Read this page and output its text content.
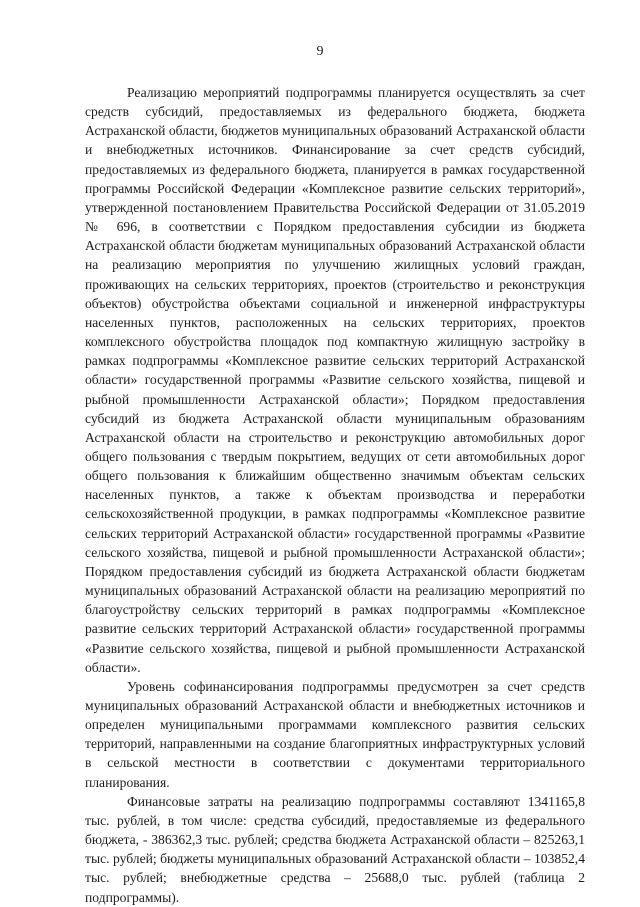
9

Реализацию мероприятий подпрограммы планируется осуществлять за счет средств субсидий, предоставляемых из федерального бюджета, бюджета Астраханской области, бюджетов муниципальных образований Астраханской области и внебюджетных источников. Финансирование за счет средств субсидий, предоставляемых из федерального бюджета, планируется в рамках государственной программы Российской Федерации «Комплексное развитие сельских территорий», утвержденной постановлением Правительства Российской Федерации от 31.05.2019 № 696, в соответствии с Порядком предоставления субсидии из бюджета Астраханской области бюджетам муниципальных образований Астраханской области на реализацию мероприятия по улучшению жилищных условий граждан, проживающих на сельских территориях, проектов (строительство и реконструкция объектов) обустройства объектами социальной и инженерной инфраструктуры населенных пунктов, расположенных на сельских территориях, проектов комплексного обустройства площадок под компактную жилищную застройку в рамках подпрограммы «Комплексное развитие сельских территорий Астраханской области» государственной программы «Развитие сельского хозяйства, пищевой и рыбной промышленности Астраханской области»; Порядком предоставления субсидий из бюджета Астраханской области муниципальным образованиям Астраханской области на строительство и реконструкцию автомобильных дорог общего пользования с твердым покрытием, ведущих от сети автомобильных дорог общего пользования к ближайшим общественно значимым объектам сельских населенных пунктов, а также к объектам производства и переработки сельскохозяйственной продукции, в рамках подпрограммы «Комплексное развитие сельских территорий Астраханской области» государственной программы «Развитие сельского хозяйства, пищевой и рыбной промышленности Астраханской области»; Порядком предоставления субсидий из бюджета Астраханской области бюджетам муниципальных образований Астраханской области на реализацию мероприятий по благоустройству сельских территорий в рамках подпрограммы «Комплексное развитие сельских территорий Астраханской области» государственной программы «Развитие сельского хозяйства, пищевой и рыбной промышленности Астраханской области».

Уровень софинансирования подпрограммы предусмотрен за счет средств муниципальных образований Астраханской области и внебюджетных источников и определен муниципальными программами комплексного развития сельских территорий, направленными на создание благоприятных инфраструктурных условий в сельской местности в соответствии с документами территориального планирования.

Финансовые затраты на реализацию подпрограммы составляют 1341165,8 тыс. рублей, в том числе: средства субсидий, предоставляемые из федерального бюджета, - 386362,3 тыс. рублей; средства бюджета Астраханской области – 825263,1 тыс. рублей; бюджеты муниципальных образований Астраханской области – 103852,4 тыс. рублей; внебюджетные средства – 25688,0 тыс. рублей (таблица 2 подпрограммы).
